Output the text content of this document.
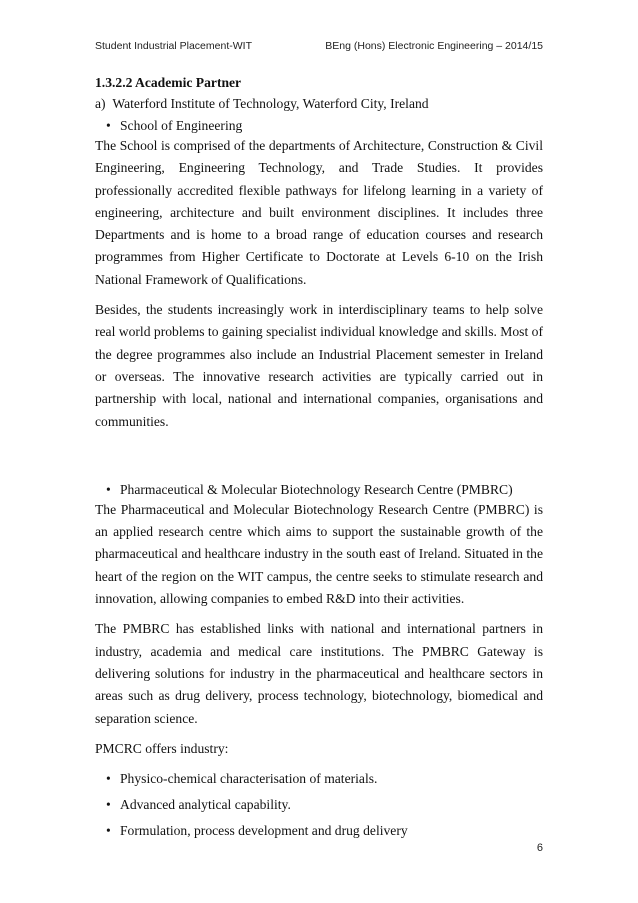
Student Industrial Placement-WIT	BEng (Hons) Electronic Engineering – 2014/15
1.3.2.2 Academic Partner
a)  Waterford Institute of Technology, Waterford City, Ireland
• School of Engineering

The School is comprised of the departments of Architecture, Construction & Civil Engineering, Engineering Technology, and Trade Studies. It provides professionally accredited flexible pathways for lifelong learning in a variety of engineering, architecture and built environment disciplines. It includes three Departments and is home to a broad range of education courses and research programmes from Higher Certificate to Doctorate at Levels 6-10 on the Irish National Framework of Qualifications.

Besides, the students increasingly work in interdisciplinary teams to help solve real world problems to gaining specialist individual knowledge and skills. Most of the degree programmes also include an Industrial Placement semester in Ireland or overseas. The innovative research activities are typically carried out in partnership with local, national and international companies, organisations and communities.

• Pharmaceutical & Molecular Biotechnology Research Centre (PMBRC)

The Pharmaceutical and Molecular Biotechnology Research Centre (PMBRC) is an applied research centre which aims to support the sustainable growth of the pharmaceutical and healthcare industry in the south east of Ireland. Situated in the heart of the region on the WIT campus, the centre seeks to stimulate research and innovation, allowing companies to embed R&D into their activities.

The PMBRC has established links with national and international partners in industry, academia and medical care institutions. The PMBRC Gateway is delivering solutions for industry in the pharmaceutical and healthcare sectors in areas such as drug delivery, process technology, biotechnology, biomedical and separation science.

PMCRC offers industry:
• Physico-chemical characterisation of materials.
• Advanced analytical capability.
• Formulation, process development and drug delivery
6
